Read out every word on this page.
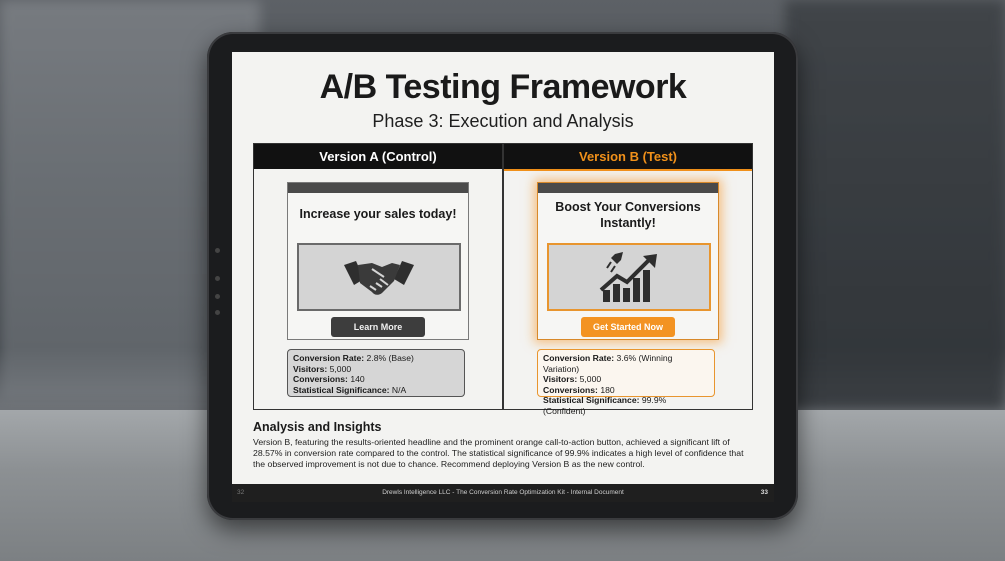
A/B Testing Framework
Phase 3: Execution and Analysis
Version A (Control)
Increase your sales today!
Learn More
Conversion Rate: 2.8% (Base)
Visitors: 5,000
Conversions: 140
Statistical Significance: N/A
Version B (Test)
Boost Your Conversions
Instantly!
Get Started Now
Conversion Rate: 3.6% (Winning Variation)
Visitors: 5,000
Conversions: 180
Statistical Significance: 99.9% (Confident)
Analysis and Insights
Version B, featuring the results-oriented headline and the prominent orange call-to-action button, achieved a significant lift of 28.57% in conversion rate compared to the control. The statistical significance of 99.9% indicates a high level of confidence that the observed improvement is not due to chance. Recommend deploying Version B as the new control.
32	Drewls Intelligence LLC - The Conversion Rate Optimization Kit - Internal Document	33
